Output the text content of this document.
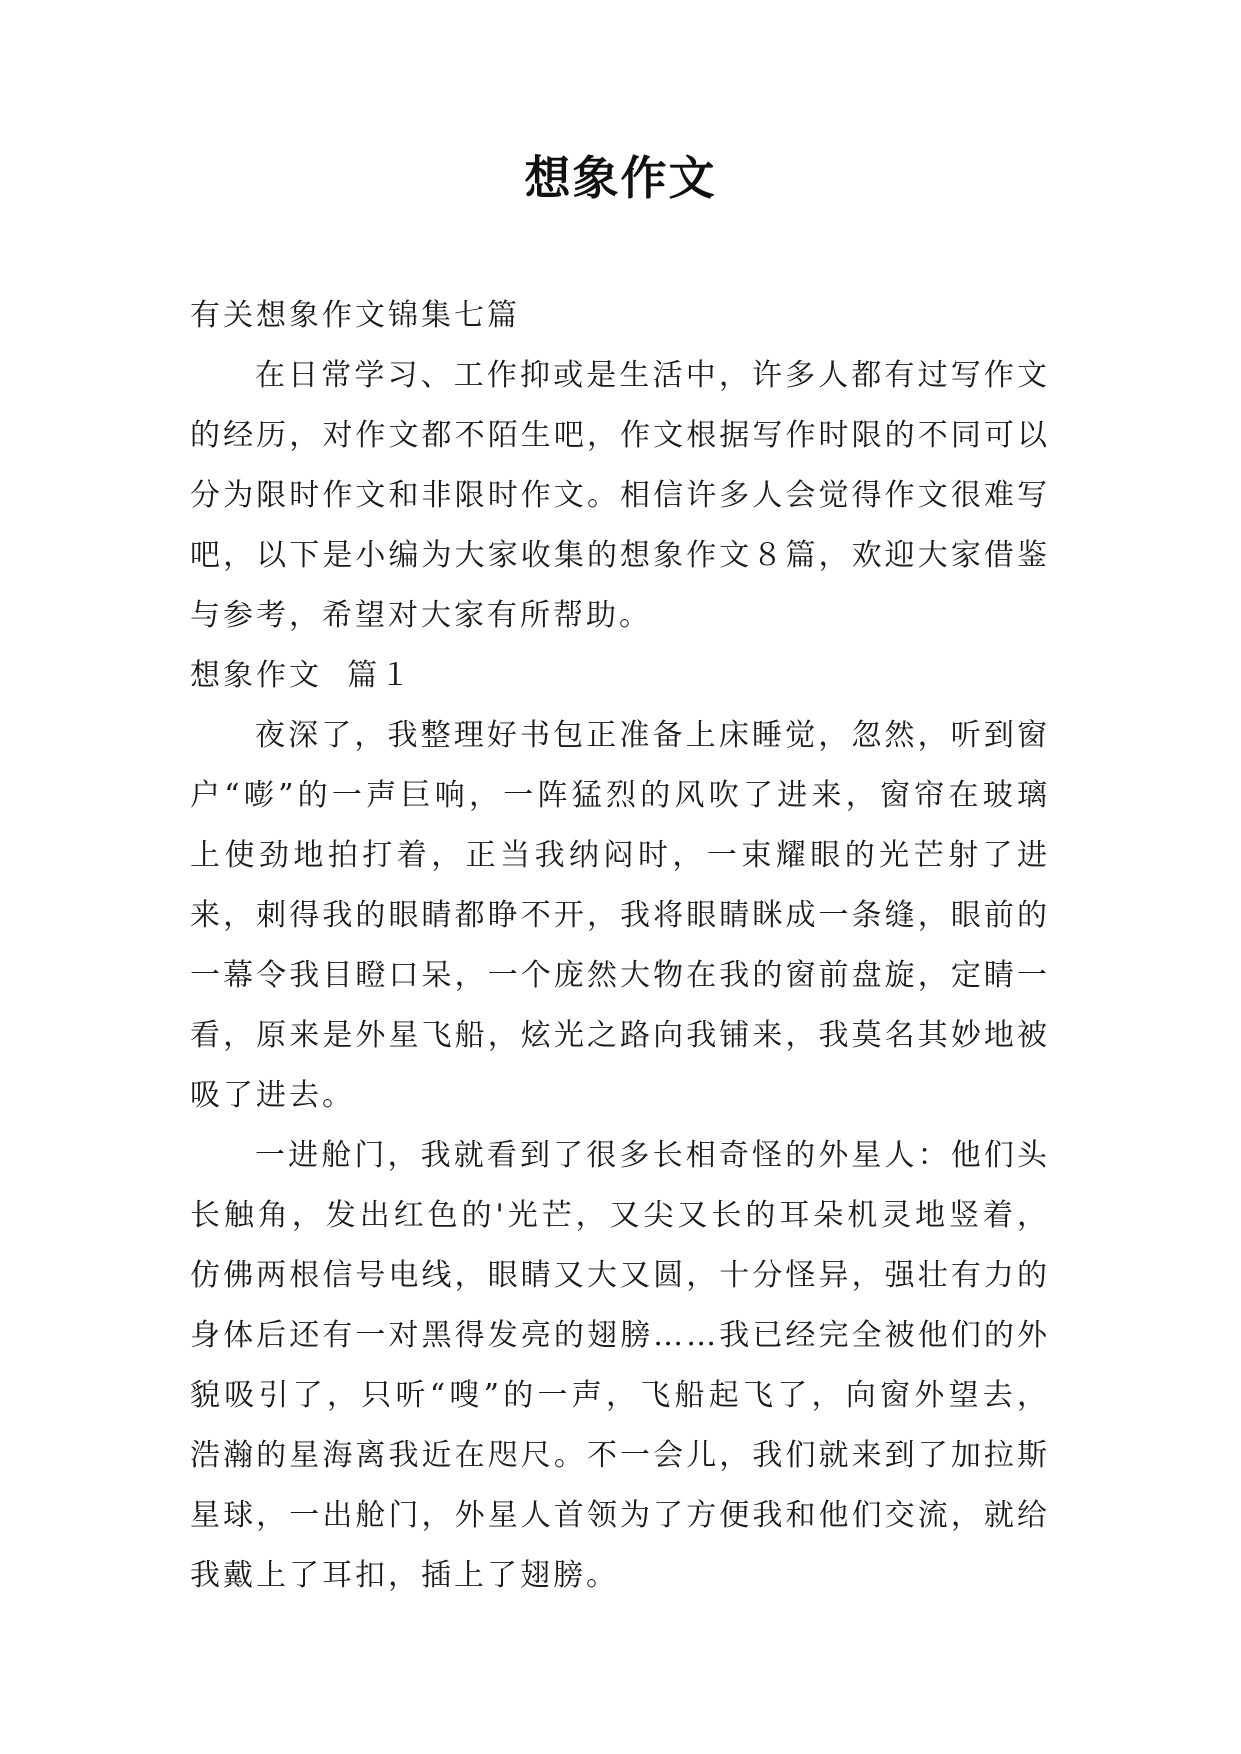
想象作文

有关想象作文锦集七篇

在日常学习、工作抑或是生活中，许多人都有过写作文的经历，对作文都不陌生吧，作文根据写作时限的不同可以分为限时作文和非限时作文。相信许多人会觉得作文很难写吧，以下是小编为大家收集的想象作文８篇，欢迎大家借鉴与参考，希望对大家有所帮助。

想象作文  篇１

夜深了，我整理好书包正准备上床睡觉，忽然，听到窗户“嘭”的一声巨响，一阵猛烈的风吹了进来，窗帘在玻璃上使劲地拍打着，正当我纳闷时，一束耀眼的光芒射了进来，刺得我的眼睛都睁不开，我将眼睛眯成一条缝，眼前的一幕令我目瞪口呆，一个庞然大物在我的窗前盘旋，定睛一看，原来是外星飞船，炫光之路向我铺来，我莫名其妙地被吸了进去。

一进舱门，我就看到了很多长相奇怪的外星人：他们头长触角，发出红色的'光芒，又尖又长的耳朵机灵地竖着，仿佛两根信号电线，眼睛又大又圆，十分怪异，强壮有力的身体后还有一对黑得发亮的翅膀……我已经完全被他们的外貌吸引了，只听“嗖”的一声，飞船起飞了，向窗外望去，浩瀚的星海离我近在咫尺。不一会儿，我们就来到了加拉斯星球，一出舱门，外星人首领为了方便我和他们交流，就给我戴上了耳扣，插上了翅膀。
